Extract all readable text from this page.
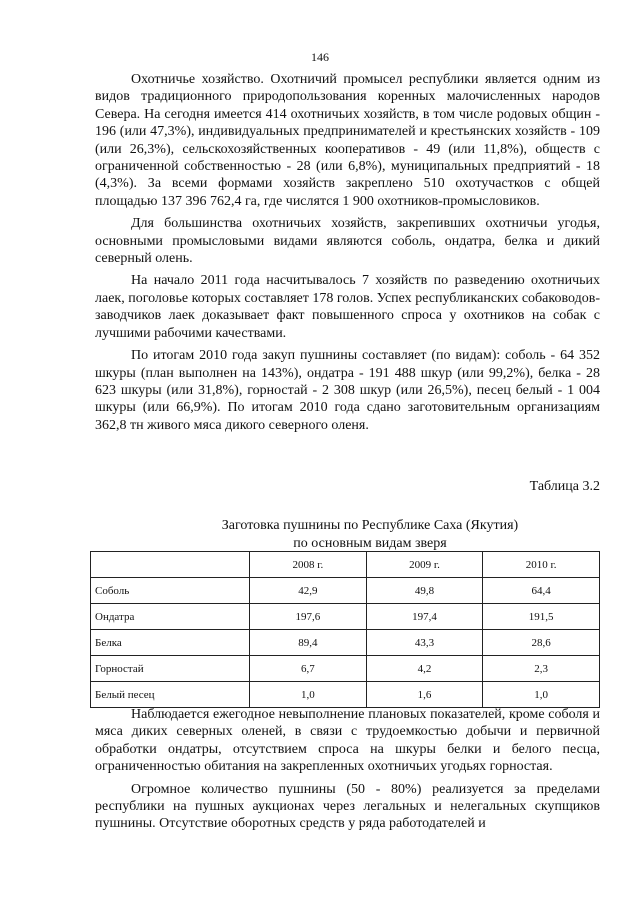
146

Охотничье хозяйство. Охотничий промысел республики является одним из видов традиционного природопользования коренных малочисленных народов Севера. На сегодня имеется 414 охотничьих хозяйств, в том числе родовых общин - 196 (или 47,3%), индивидуальных предпринимателей и крестьянских хозяйств - 109 (или 26,3%), сельскохозяйственных кооперативов - 49 (или 11,8%), обществ с ограниченной собственностью - 28 (или 6,8%), муниципальных предприятий - 18 (4,3%). За всеми формами хозяйств закреплено 510 охотучастков с общей площадью 137 396 762,4 га, где числятся 1 900 охотников-промысловиков.

Для большинства охотничьих хозяйств, закрепивших охотничьи угодья, основными промысловыми видами являются соболь, ондатра, белка и дикий северный олень.

На начало 2011 года насчитывалось 7 хозяйств по разведению охотничьих лаек, поголовье которых составляет 178 голов. Успех республиканских собаководов-заводчиков лаек доказывает факт повышенного спроса у охотников на собак с лучшими рабочими качествами.

По итогам 2010 года закуп пушнины составляет (по видам): соболь - 64 352 шкуры (план выполнен на 143%), ондатра - 191 488 шкур (или 99,2%), белка - 28 623 шкуры (или 31,8%), горностай - 2 308 шкур (или 26,5%), песец белый - 1 004 шкуры (или 66,9%). По итогам 2010 года сдано заготовительным организациям 362,8 тн живого мяса дикого северного оленя.

Таблица 3.2
Заготовка пушнины по Республике Саха (Якутия)
по основным видам зверя
	2008 г.	2009 г.	2010 г.
Соболь	42,9	49,8	64,4
Ондатра	197,6	197,4	191,5
Белка	89,4	43,3	28,6
Горностай	6,7	4,2	2,3
Белый песец	1,0	1,6	1,0

Наблюдается ежегодное невыполнение плановых показателей, кроме соболя и мяса диких северных оленей, в связи с трудоемкостью добычи и первичной обработки ондатры, отсутствием спроса на шкуры белки и белого песца, ограниченностью обитания на закрепленных охотничьих угодьях горностая.

Огромное количество пушнины (50 - 80%) реализуется за пределами республики на пушных аукционах через легальных и нелегальных скупщиков пушнины. Отсутствие оборотных средств у ряда работодателей и
